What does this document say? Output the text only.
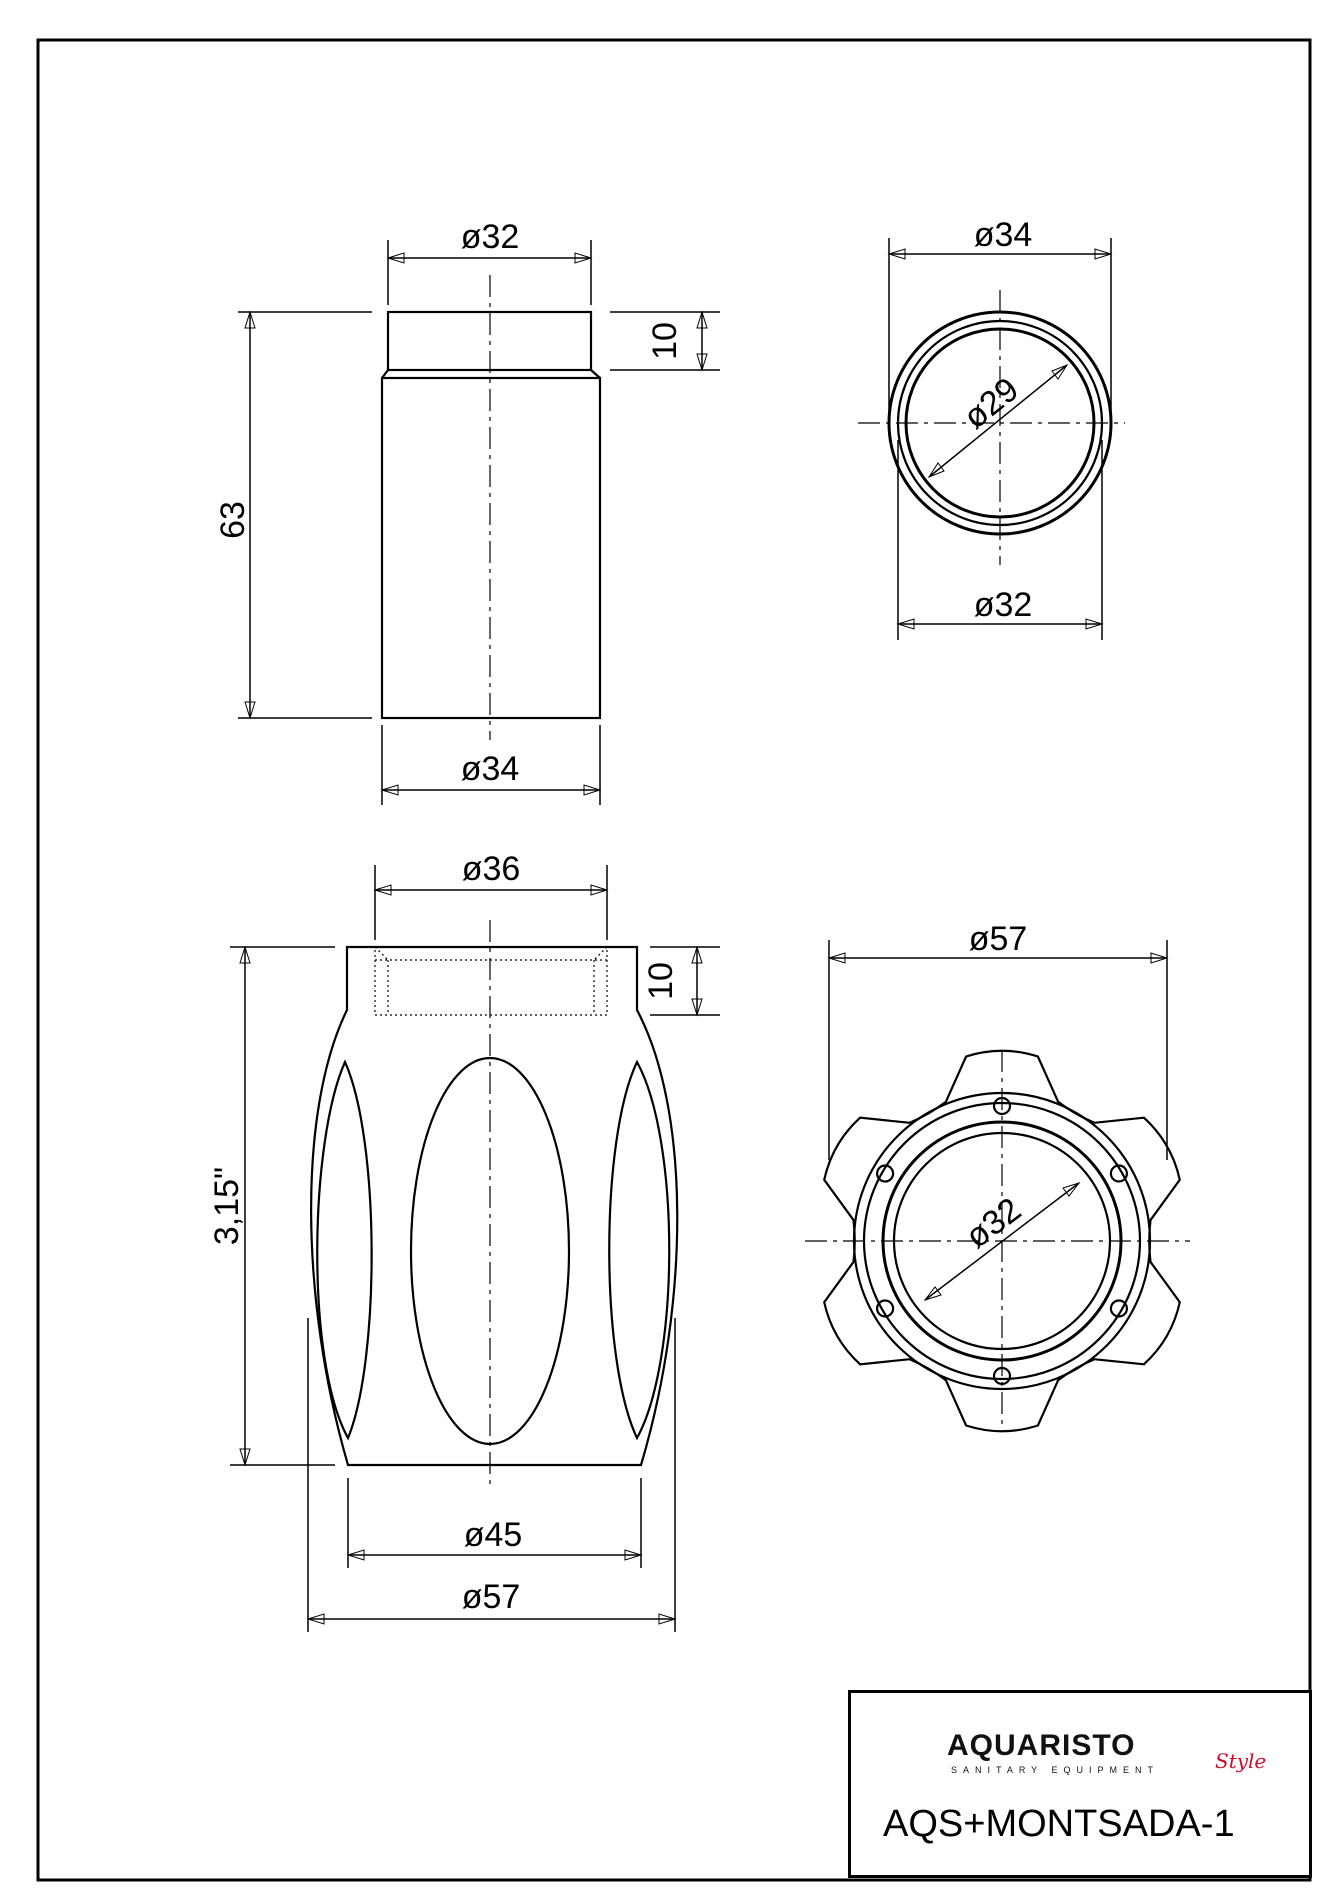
ø32
10
63
ø34
ø34
ø29
ø32
ø36
10
3,15"
ø45
ø57
ø57
ø32
AQUARISTO
SANITARY EQUIPMENT	Style
AQS+MONTSADA-1
